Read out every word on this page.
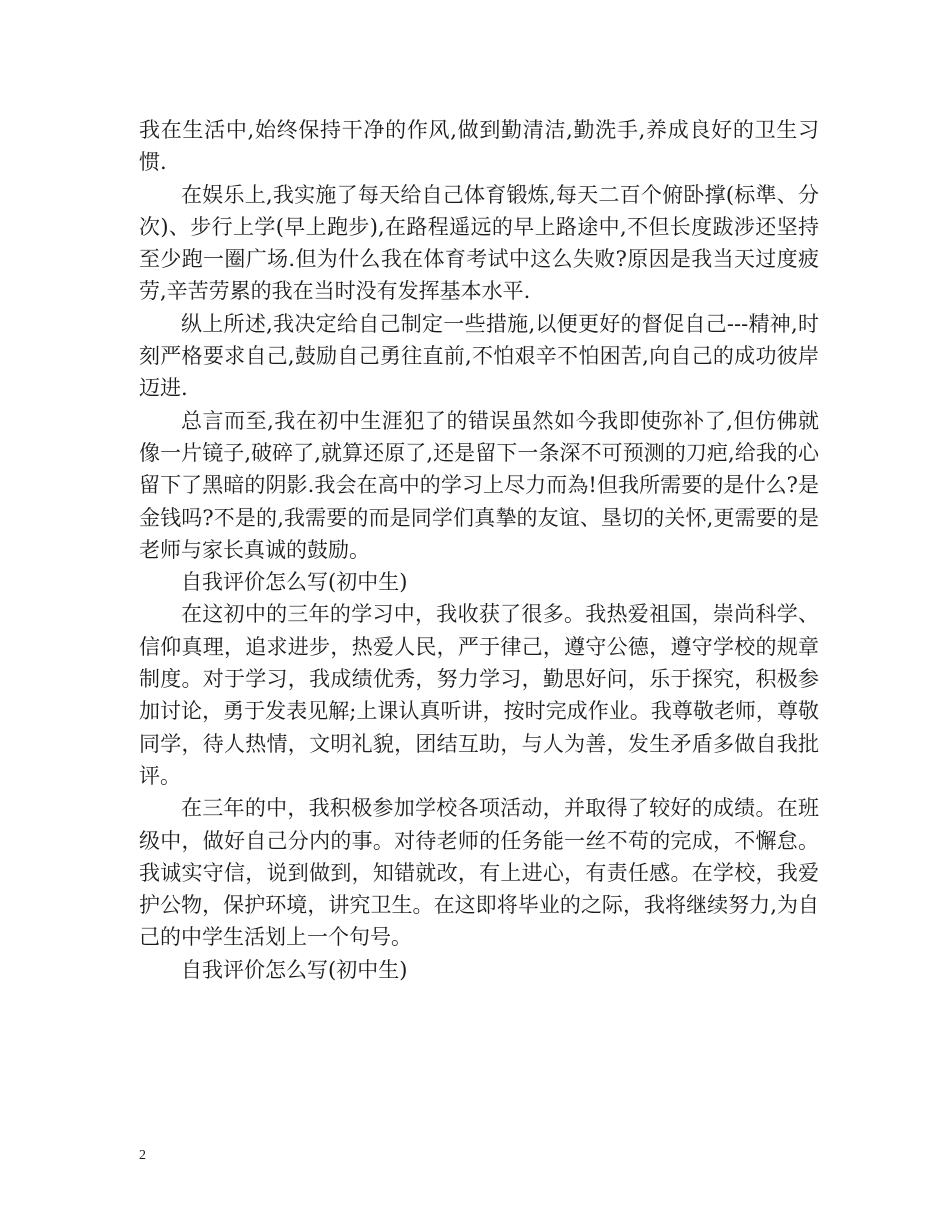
我在生活中,始终保持干净的作风,做到勤清洁,勤洗手,养成良好的卫生习惯.

在娱乐上,我实施了每天给自己体育锻炼,每天二百个俯卧撑(标準、分次)、步行上学(早上跑步),在路程遥远的早上路途中,不但长度跋涉还坚持至少跑一圈广场.但为什么我在体育考试中这么失败?原因是我当天过度疲劳,辛苦劳累的我在当时没有发挥基本水平.

纵上所述,我决定给自己制定一些措施,以便更好的督促自己---精神,时刻严格要求自己,鼓励自己勇往直前,不怕艰辛不怕困苦,向自己的成功彼岸迈进.

总言而至,我在初中生涯犯了的错误虽然如今我即使弥补了,但仿佛就像一片镜子,破碎了,就算还原了,还是留下一条深不可预测的刀疤,给我的心留下了黑暗的阴影.我会在高中的学习上尽力而為!但我所需要的是什么?是金钱吗?不是的,我需要的而是同学们真摯的友谊、垦切的关怀,更需要的是老师与家长真诚的鼓励。

自我评价怎么写(初中生)

在这初中的三年的学习中，我收获了很多。我热爱祖国，崇尚科学、信仰真理，追求进步，热爱人民，严于律己，遵守公德，遵守学校的规章制度。对于学习，我成绩优秀，努力学习，勤思好问，乐于探究，积极参加讨论，勇于发表见解;上课认真听讲，按时完成作业。我尊敬老师，尊敬同学，待人热情，文明礼貌，团结互助，与人为善，发生矛盾多做自我批评。

在三年的中，我积极参加学校各项活动，并取得了较好的成绩。在班级中，做好自己分内的事。对待老师的任务能一丝不苟的完成，不懈怠。我诚实守信，说到做到，知错就改，有上进心，有责任感。在学校，我爱护公物，保护环境，讲究卫生。在这即将毕业的之际，我将继续努力,为自己的中学生活划上一个句号。

自我评价怎么写(初中生)

2
